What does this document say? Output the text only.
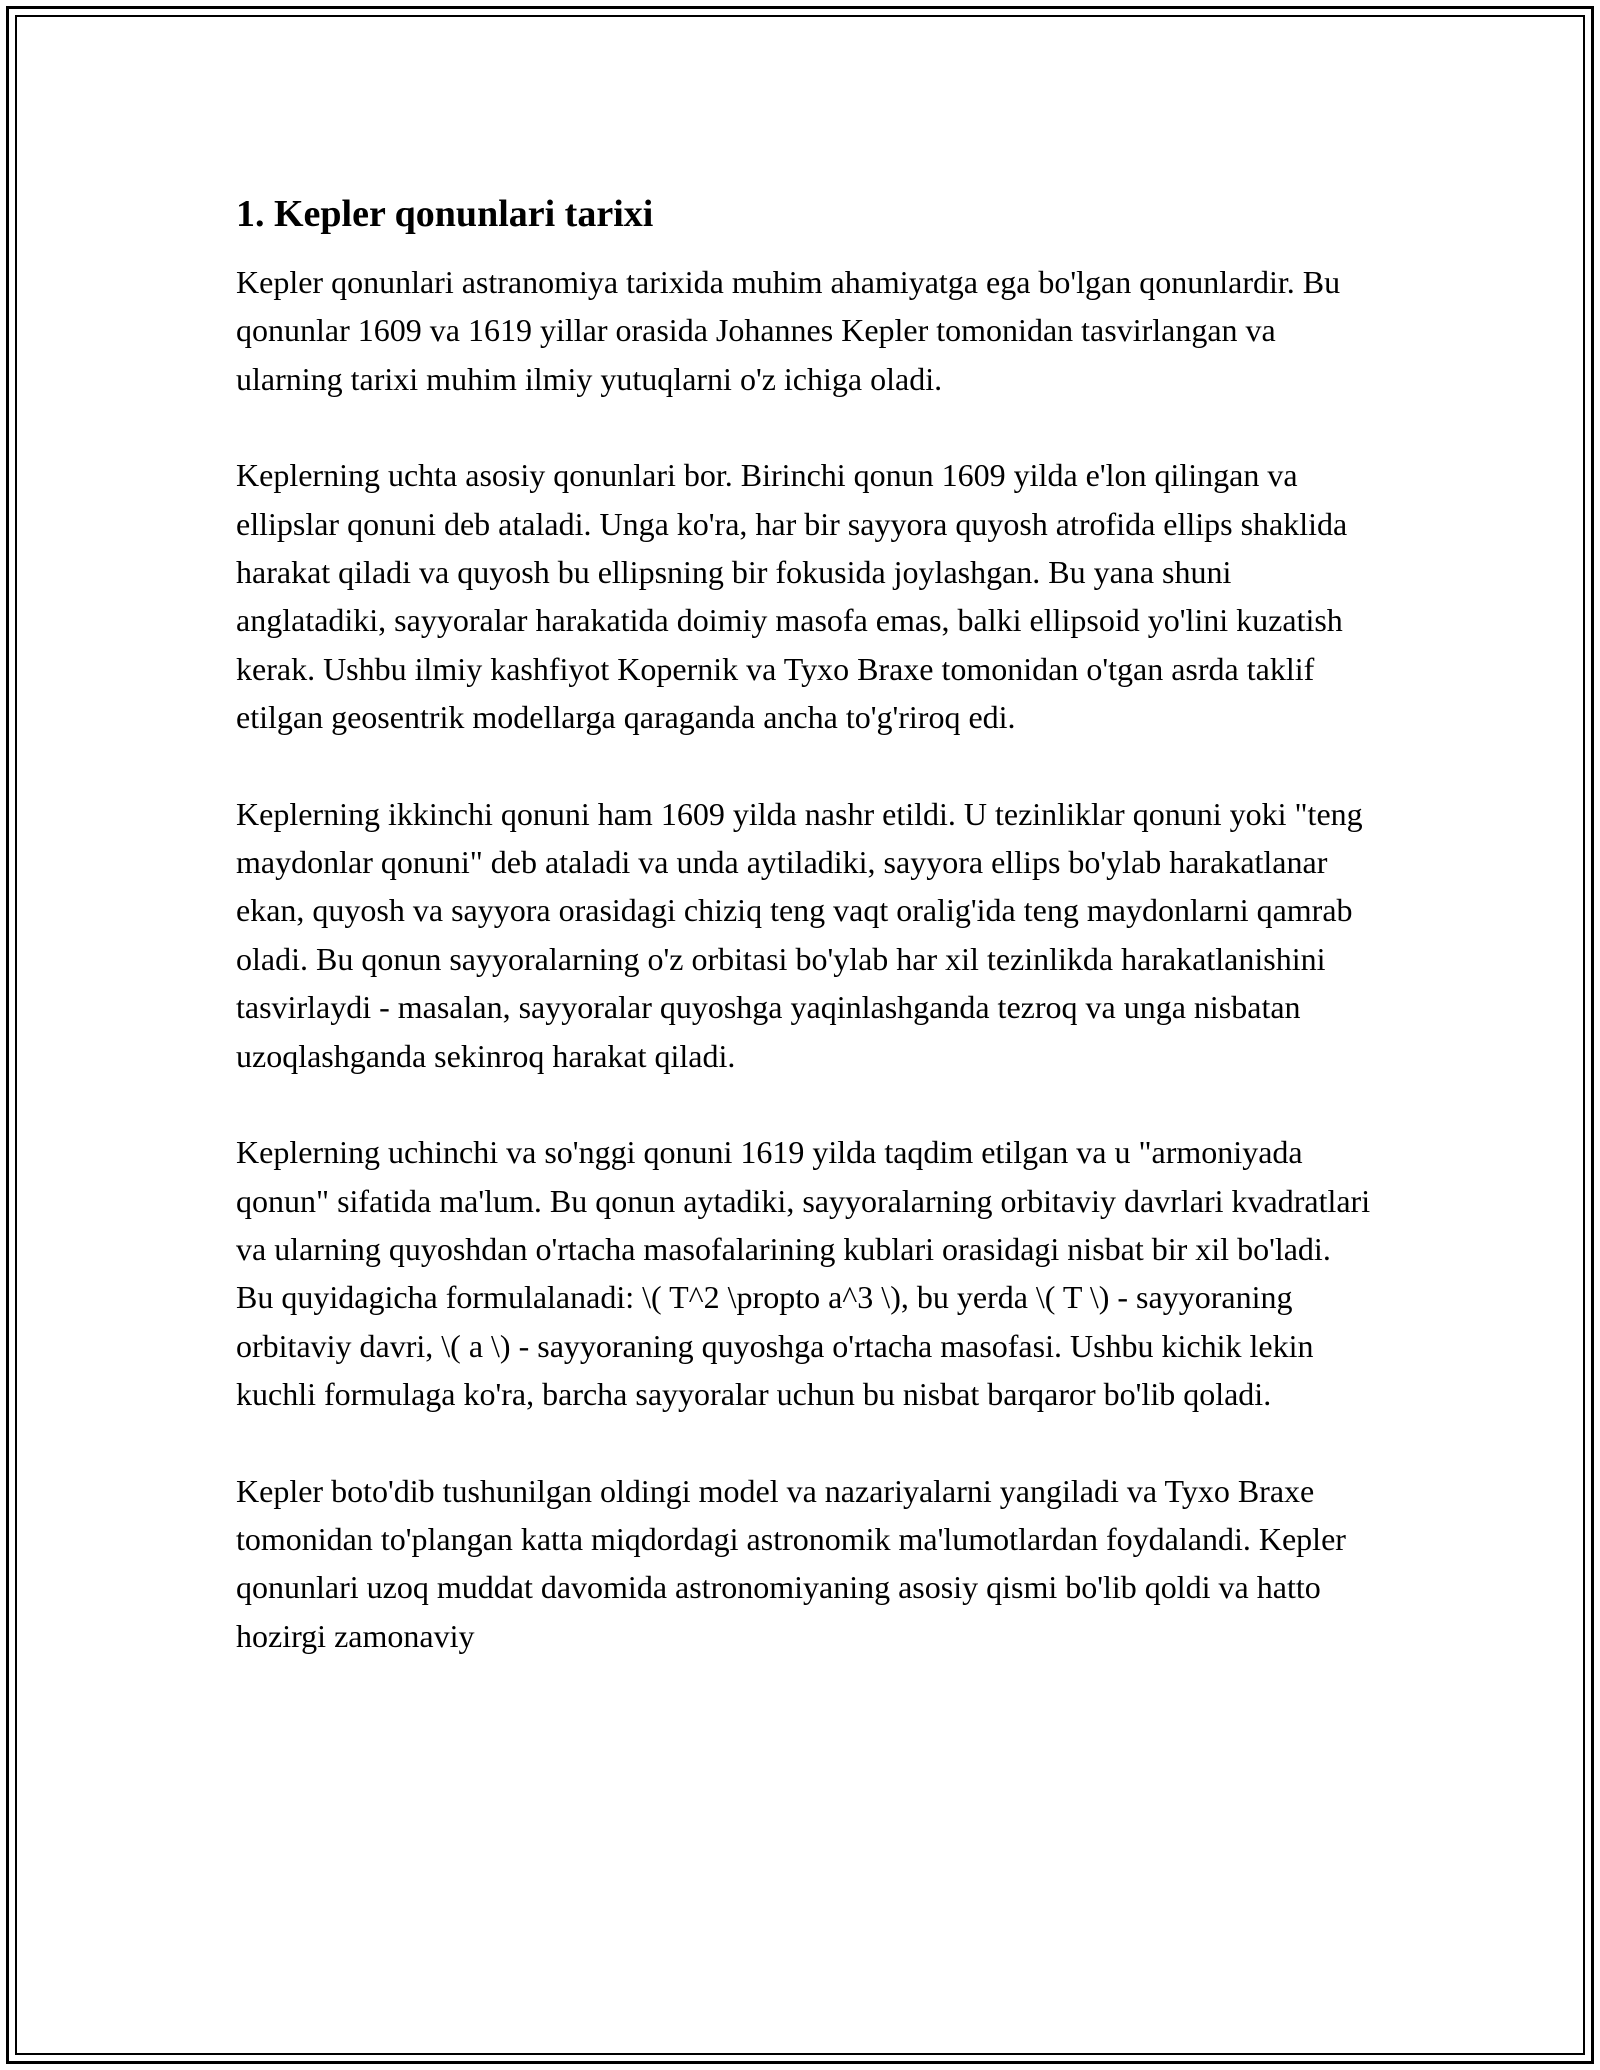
1. Kepler qonunlari tarixi

Kepler qonunlari astranomiya tarixida muhim ahamiyatga ega bo'lgan qonunlardir. Bu qonunlar 1609 va 1619 yillar orasida Johannes Kepler tomonidan tasvirlangan va ularning tarixi muhim ilmiy yutuqlarni o'z ichiga oladi.

Keplerning uchta asosiy qonunlari bor. Birinchi qonun 1609 yilda e'lon qilingan va ellipslar qonuni deb ataladi. Unga ko'ra, har bir sayyora quyosh atrofida ellips shaklida harakat qiladi va quyosh bu ellipsning bir fokusida joylashgan. Bu yana shuni anglatadiki, sayyoralar harakatida doimiy masofa emas, balki ellipsoid yo'lini kuzatish kerak. Ushbu ilmiy kashfiyot Kopernik va Tyxo Braxe tomonidan o'tgan asrda taklif etilgan geosentrik modellarga qaraganda ancha to'g'riroq edi.

Keplerning ikkinchi qonuni ham 1609 yilda nashr etildi. U tezinliklar qonuni yoki "teng maydonlar qonuni" deb ataladi va unda aytiladiki, sayyora ellips bo'ylab harakatlanar ekan, quyosh va sayyora orasidagi chiziq teng vaqt oralig'ida teng maydonlarni qamrab oladi. Bu qonun sayyoralarning o'z orbitasi bo'ylab har xil tezinlikda harakatlanishini tasvirlaydi - masalan, sayyoralar quyoshga yaqinlashganda tezroq va unga nisbatan uzoqlashganda sekinroq harakat qiladi.

Keplerning uchinchi va so'nggi qonuni 1619 yilda taqdim etilgan va u "armoniyada qonun" sifatida ma'lum. Bu qonun aytadiki, sayyoralarning orbitaviy davrlari kvadratlari va ularning quyoshdan o'rtacha masofalarining kublari orasidagi nisbat bir xil bo'ladi. Bu quyidagicha formulalanadi: \( T^2 \propto a^3 \), bu yerda \( T \) - sayyoraning orbitaviy davri, \( a \) - sayyoraning quyoshga o'rtacha masofasi. Ushbu kichik lekin kuchli formulaga ko'ra, barcha sayyoralar uchun bu nisbat barqaror bo'lib qoladi.

Kepler boto'dib tushunilgan oldingi model va nazariyalarni yangiladi va Tyxo Braxe tomonidan to'plangan katta miqdordagi astronomik ma'lumotlardan foydalandi. Kepler qonunlari uzoq muddat davomida astronomiyaning asosiy qismi bo'lib qoldi va hatto hozirgi zamonaviy
